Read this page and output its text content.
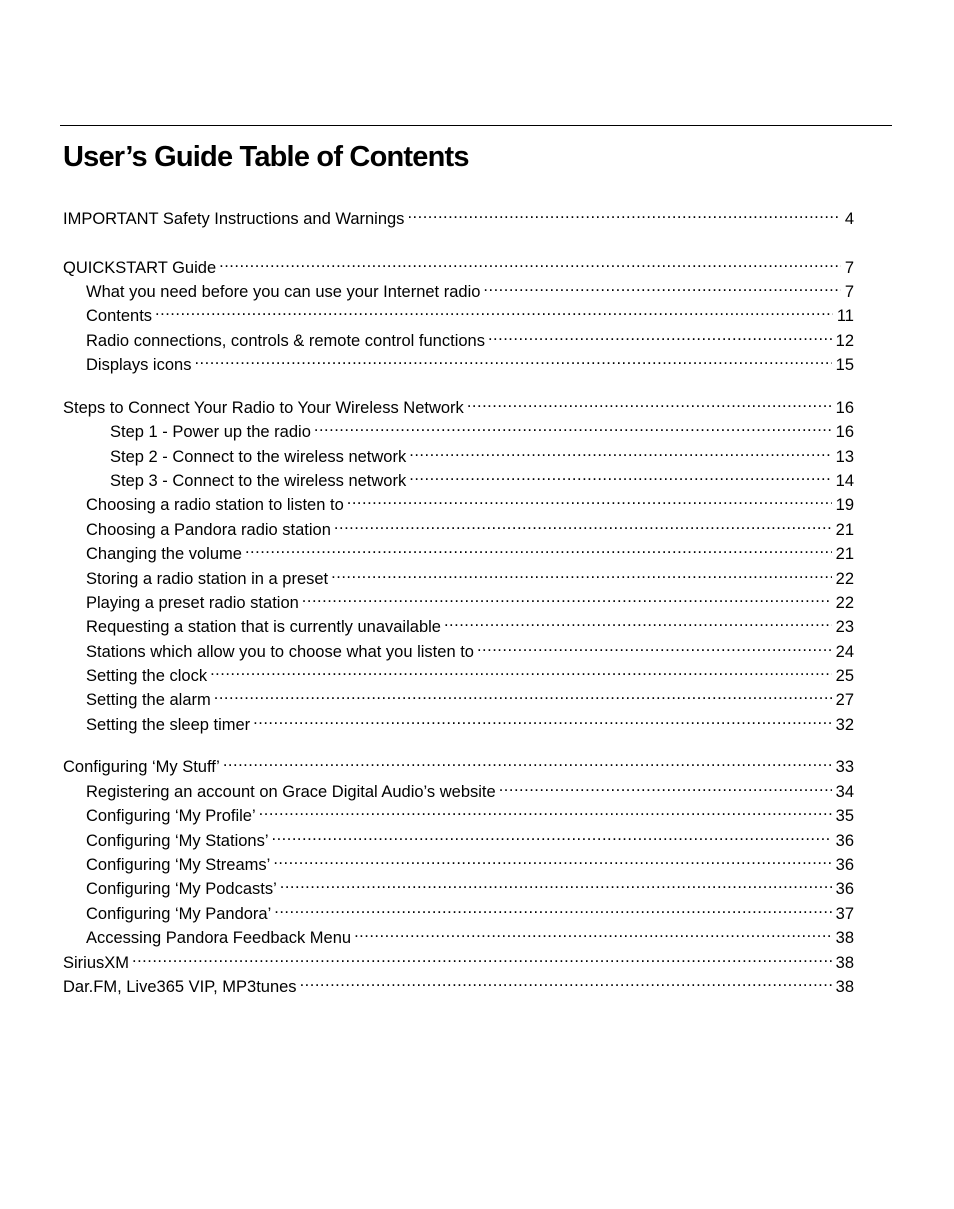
User’s Guide Table of Contents
IMPORTANT Safety Instructions and Warnings .....	4
QUICKSTART Guide .....	7
What you need before you can use your Internet radio .....	7
Contents .....	11
Radio connections, controls & remote control functions .....	12
Displays icons .....	15
Steps to Connect Your Radio to Your Wireless Network .....	16
Step 1 - Power up the radio .....	16
Step 2 - Connect to the wireless network .....	13
Step 3 - Connect to the wireless network .....	14
Choosing a radio station to listen to .....	19
Choosing a Pandora radio station .....	21
Changing the volume .....	21
Storing a radio station in a preset .....	22
Playing a preset radio station .....	22
Requesting a station that is currently unavailable .....	23
Stations which allow you to choose what you listen to .....	24
Setting the clock .....	25
Setting the alarm .....	27
Setting the sleep timer .....	32
Configuring ‘My Stuff’ .....	33
Registering an account on Grace Digital Audio’s website .....	34
Configuring ‘My Profile’ .....	35
Configuring ‘My Stations’ .....	36
Configuring ‘My Streams’ .....	36
Configuring ‘My Podcasts’ .....	36
Configuring ‘My Pandora’ .....	37
Accessing Pandora Feedback Menu .....	38
SiriusXM .....	38
Dar.FM, Live365 VIP, MP3tunes .....	38
